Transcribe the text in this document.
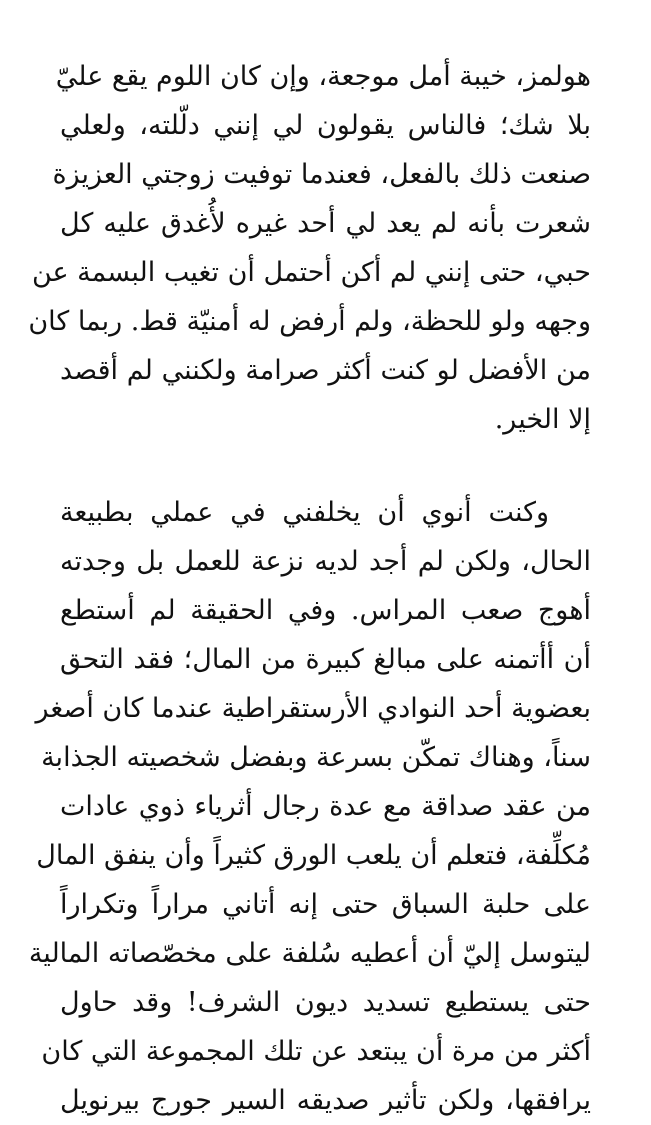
هولمز، خيبة أمل موجعة، وإن كان اللوم يقع عليّ
بلا شك؛ فالناس يقولون لي إنني دلّلته، ولعلي
صنعت ذلك بالفعل، فعندما توفيت زوجتي العزيزة
شعرت بأنه لم يعد لي أحد غيره لأُغدق عليه كل
حبي، حتى إنني لم أكن أحتمل أن تغيب البسمة عن
وجهه ولو للحظة، ولم أرفض له أمنيّة قط. ربما كان
من الأفضل لو كنت أكثر صرامة ولكنني لم أقصد
إلا الخير.
وكنت أنوي أن يخلفني في عملي بطبيعة
الحال، ولكن لم أجد لديه نزعة للعمل بل وجدته
أهوج صعب المراس. وفي الحقيقة لم أستطع
أن أأتمنه على مبالغ كبيرة من المال؛ فقد التحق
بعضوية أحد النوادي الأرستقراطية عندما كان أصغر
سناً، وهناك تمكّن بسرعة وبفضل شخصيته الجذابة
من عقد صداقة مع عدة رجال أثرياء ذوي عادات
مُكلِّفة، فتعلم أن يلعب الورق كثيراً وأن ينفق المال
على حلبة السباق حتى إنه أتاني مراراً وتكراراً
ليتوسل إليّ أن أعطيه سُلفة على مخصّصاته المالية
حتى يستطيع تسديد ديون الشرف! وقد حاول
أكثر من مرة أن يبتعد عن تلك المجموعة التي كان
يرافقها، ولكن تأثير صديقه السير جورج بيرنويل
